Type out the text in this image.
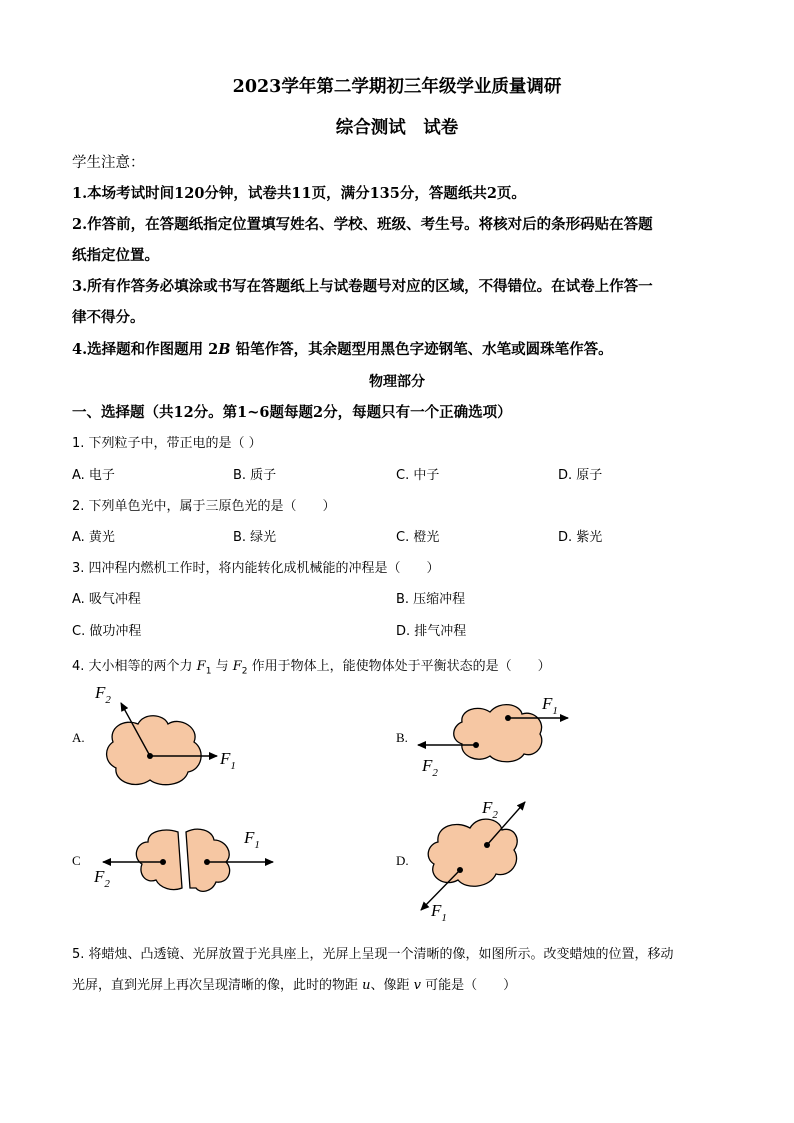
2023学年第二学期初三年级学业质量调研
综合测试　试卷
学生注意：
1.本场考试时间120分钟，试卷共11页，满分135分，答题纸共2页。
2.作答前，在答题纸指定位置填写姓名、学校、班级、考生号。将核对后的条形码贴在答题
纸指定位置。
3.所有作答务必填涂或书写在答题纸上与试卷题号对应的区域，不得错位。在试卷上作答一
律不得分。
4.选择题和作图题用 2B 铅笔作答，其余题型用黑色字迹钢笔、水笔或圆珠笔作答。
物理部分
一、选择题（共12分。第1~6题每题2分，每题只有一个正确选项）
1. 下列粒子中，带正电的是（ ）
A. 电子	B. 质子	C. 中子	D. 原子
2. 下列单色光中，属于三原色光的是（　　）
A. 黄光	B. 绿光	C. 橙光	D. 紫光
3. 四冲程内燃机工作时，将内能转化成机械能的冲程是（　　）
A. 吸气冲程	B. 压缩冲程
C. 做功冲程	D. 排气冲程
4. 大小相等的两个力 $F_1$ 与 $F_2$ 作用于物体上，能使物体处于平衡状态的是（　　）
A.	B.
C	D.
$F_2$
$F_1$
$F_1$
$F_2$
$F_1$
$F_2$
$F_2$
$F_1$
5. 将蜡烛、凸透镜、光屏放置于光具座上，光屏上呈现一个清晰的像，如图所示。改变蜡烛的位置，移动
光屏，直到光屏上再次呈现清晰的像，此时的物距 u、像距 v 可能是（　　）
